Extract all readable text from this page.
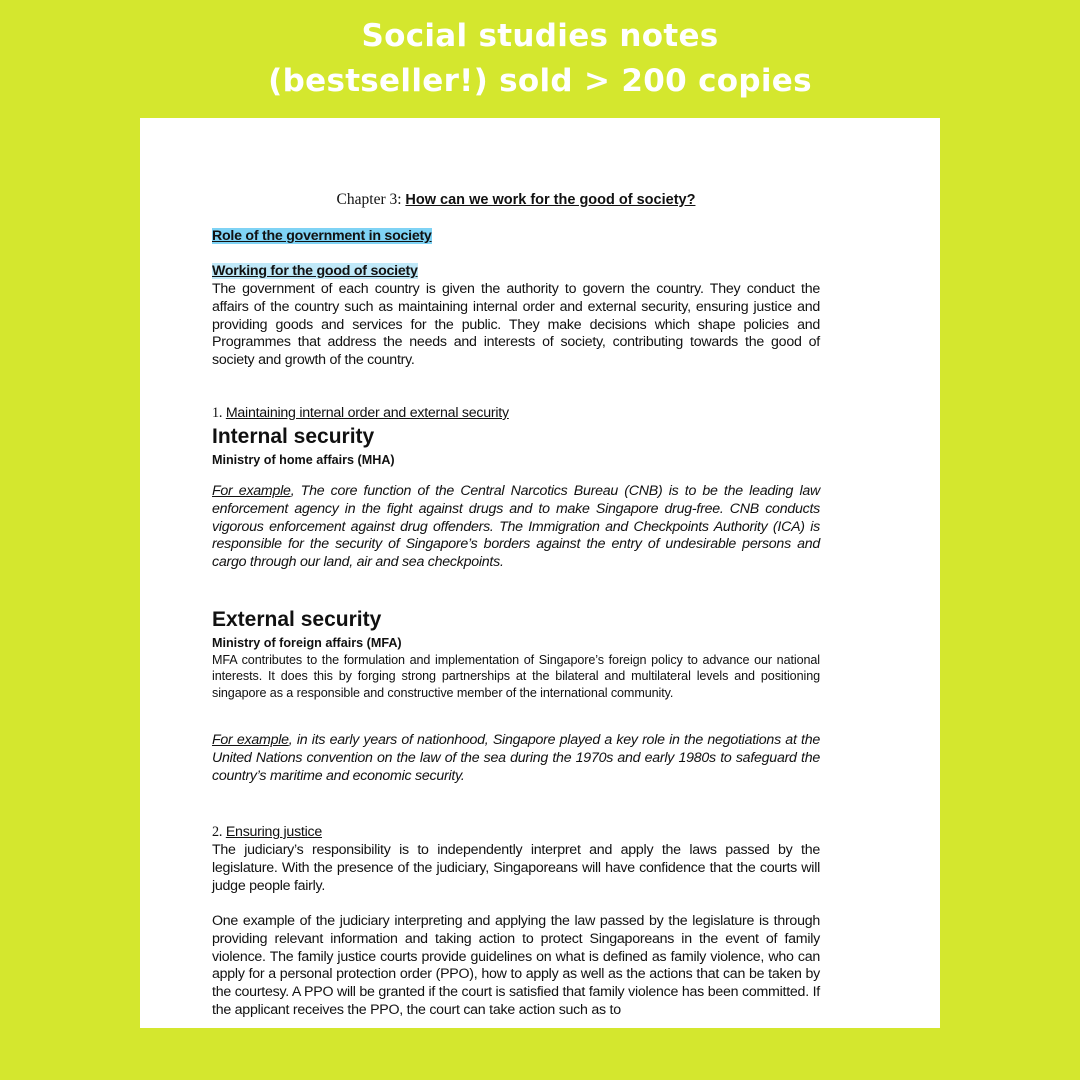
Social studies notes
(bestseller!) sold > 200 copies
Chapter 3: How can we work for the good of society?
Role of the government in society
Working for the good of society
The government of each country is given the authority to govern the country. They conduct the affairs of the country such as maintaining internal order and external security, ensuring justice and providing goods and services for the public. They make decisions which shape policies and Programmes that address the needs and interests of society, contributing towards the good of society and growth of the country.
1. Maintaining internal order and external security
Internal security
Ministry of home affairs (MHA)
For example, The core function of the Central Narcotics Bureau (CNB) is to be the leading law enforcement agency in the fight against drugs and to make Singapore drug-free. CNB conducts vigorous enforcement against drug offenders. The Immigration and Checkpoints Authority (ICA) is responsible for the security of Singapore’s borders against the entry of undesirable persons and cargo through our land, air and sea checkpoints.
External security
Ministry of foreign affairs (MFA)
MFA contributes to the formulation and implementation of Singapore’s foreign policy to advance our national interests. It does this by forging strong partnerships at the bilateral and multilateral levels and positioning singapore as a responsible and constructive member of the international community.
For example, in its early years of nationhood, Singapore played a key role in the negotiations at the United Nations convention on the law of the sea during the 1970s and early 1980s to safeguard the country’s maritime and economic security.
2. Ensuring justice
The judiciary’s responsibility is to independently interpret and apply the laws passed by the legislature. With the presence of the judiciary, Singaporeans will have confidence that the courts will judge people fairly.
One example of the judiciary interpreting and applying the law passed by the legislature is through providing relevant information and taking action to protect Singaporeans in the event of family violence. The family justice courts provide guidelines on what is defined as family violence, who can apply for a personal protection order (PPO), how to apply as well as the actions that can be taken by the courtesy. A PPO will be granted if the court is satisfied that family violence has been committed. If the applicant receives the PPO, the court can take action such as to
